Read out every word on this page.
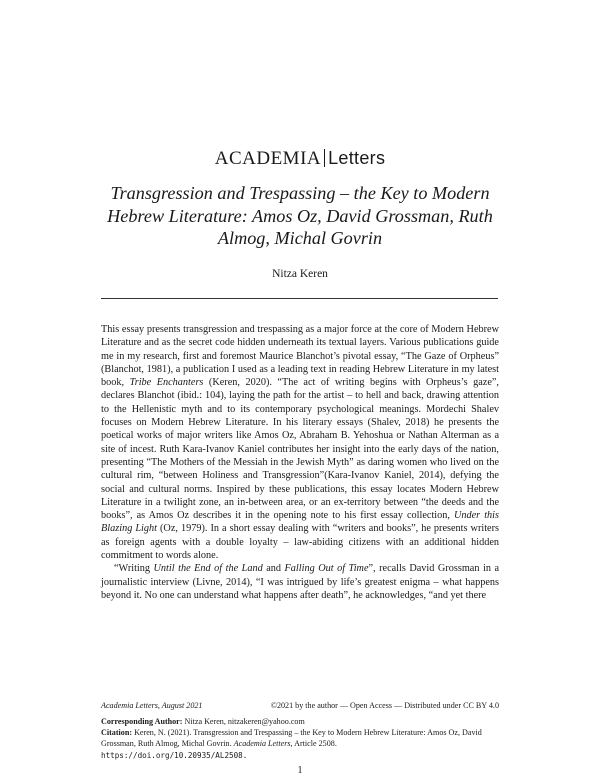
ACADEMIA Letters
Transgression and Trespassing – the Key to Modern Hebrew Literature: Amos Oz, David Grossman, Ruth Almog, Michal Govrin
Nitza Keren

This essay presents transgression and trespassing as a major force at the core of Modern Hebrew Literature and as the secret code hidden underneath its textual layers. Various publications guide me in my research, first and foremost Maurice Blanchot’s pivotal essay, “The Gaze of Orpheus” (Blanchot, 1981), a publication I used as a leading text in reading Hebrew Literature in my latest book, Tribe Enchanters (Keren, 2020). “The act of writing begins with Orpheus’s gaze”, declares Blanchot (ibid.: 104), laying the path for the artist – to hell and back, drawing attention to the Hellenistic myth and to its contemporary psychological meanings. Mordechi Shalev focuses on Modern Hebrew Literature. In his literary essays (Shalev, 2018) he presents the poetical works of major writers like Amos Oz, Abraham B. Yehoshua or Nathan Alterman as a site of incest. Ruth Kara-Ivanov Kaniel contributes her insight into the early days of the nation, presenting “The Mothers of the Messiah in the Jewish Myth” as daring women who lived on the cultural rim, “between Holiness and Transgression”(Kara-Ivanov Kaniel, 2014), defying the social and cultural norms. Inspired by these publications, this essay locates Modern Hebrew Literature in a twilight zone, an in-between area, or an ex-territory between “the deeds and the books”, as Amos Oz describes it in the opening note to his first essay collection, Under this Blazing Light (Oz, 1979). In a short essay dealing with “writers and books”, he presents writers as foreign agents with a double loyalty – law-abiding citizens with an additional hidden commitment to words alone.

“Writing Until the End of the Land and Falling Out of Time”, recalls David Grossman in a journalistic interview (Livne, 2014), “I was intrigued by life’s greatest enigma – what happens beyond it. No one can understand what happens after death”, he acknowledges, “and yet there

Academia Letters, August 2021	©2021 by the author — Open Access — Distributed under CC BY 4.0
Corresponding Author: Nitza Keren, nitzakeren@yahoo.com
Citation: Keren, N. (2021). Transgression and Trespassing – the Key to Modern Hebrew Literature: Amos Oz, David Grossman, Ruth Almog, Michal Govrin. Academia Letters, Article 2508.
https://doi.org/10.20935/AL2508.
1
